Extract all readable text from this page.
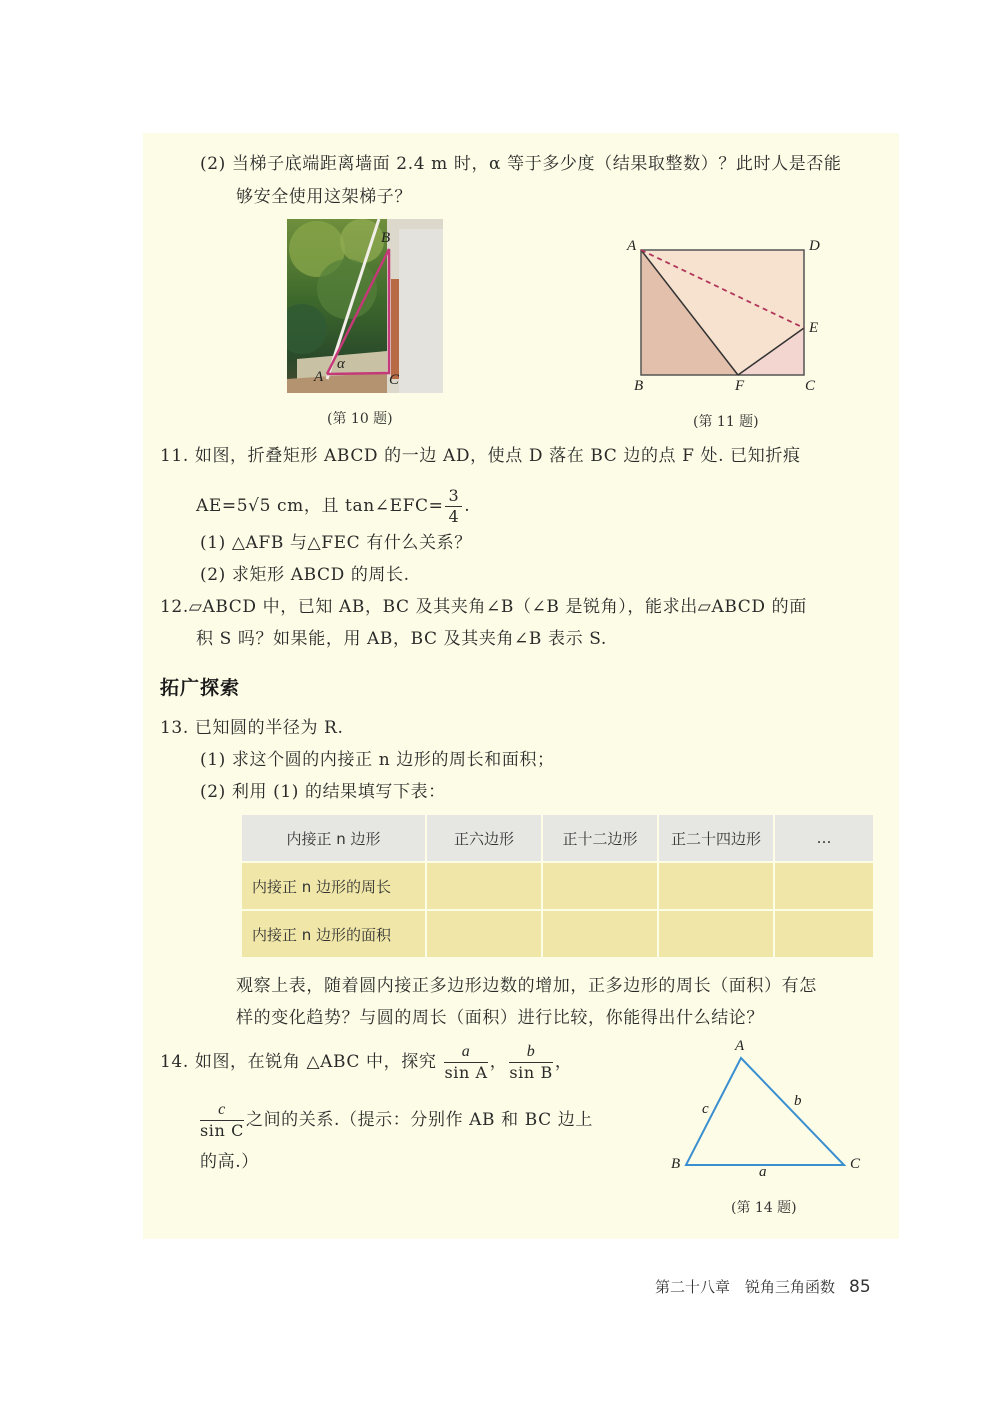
(2) 当梯子底端距离墙面 2.4 m 时，α 等于多少度（结果取整数）？此时人是否能
够安全使用这架梯子？
B
A	C
α
(第 10 题)
A	D
E
B	F	C
(第 11 题)
11. 如图，折叠矩形 ABCD 的一边 AD，使点 D 落在 BC 边的点 F 处. 已知折痕
AE=5√5 cm，且 tan∠EFC= $\frac{3}{4}$ .
(1) △AFB 与△FEC 有什么关系？
(2) 求矩形 ABCD 的周长.
12.▱ABCD 中，已知 AB，BC 及其夹角∠B（∠B 是锐角），能求出▱ABCD 的面
积 S 吗？如果能，用 AB，BC 及其夹角∠B 表示 S.
拓广探索
13. 已知圆的半径为 R.
(1) 求这个圆的内接正 n 边形的周长和面积；
(2) 利用 (1) 的结果填写下表：
内接正 n 边形	正六边形	正十二边形	正二十四边形	…
内接正 n 边形的周长				
内接正 n 边形的面积				
观察上表，随着圆内接正多边形边数的增加，正多边形的周长（面积）有怎
样的变化趋势？与圆的周长（面积）进行比较，你能得出什么结论？
14. 如图，在锐角 △ABC 中，探究 $\frac{a}{\text{sin A}}$ ， $\frac{b}{\text{sin B}}$ ，
$\frac{c}{\text{sin C}}$ 之间的关系.（提示：分别作 AB 和 BC 边上
的高.）
A
B	C
a
b
c
(第 14 题)
第二十八章　锐角三角函数 85
